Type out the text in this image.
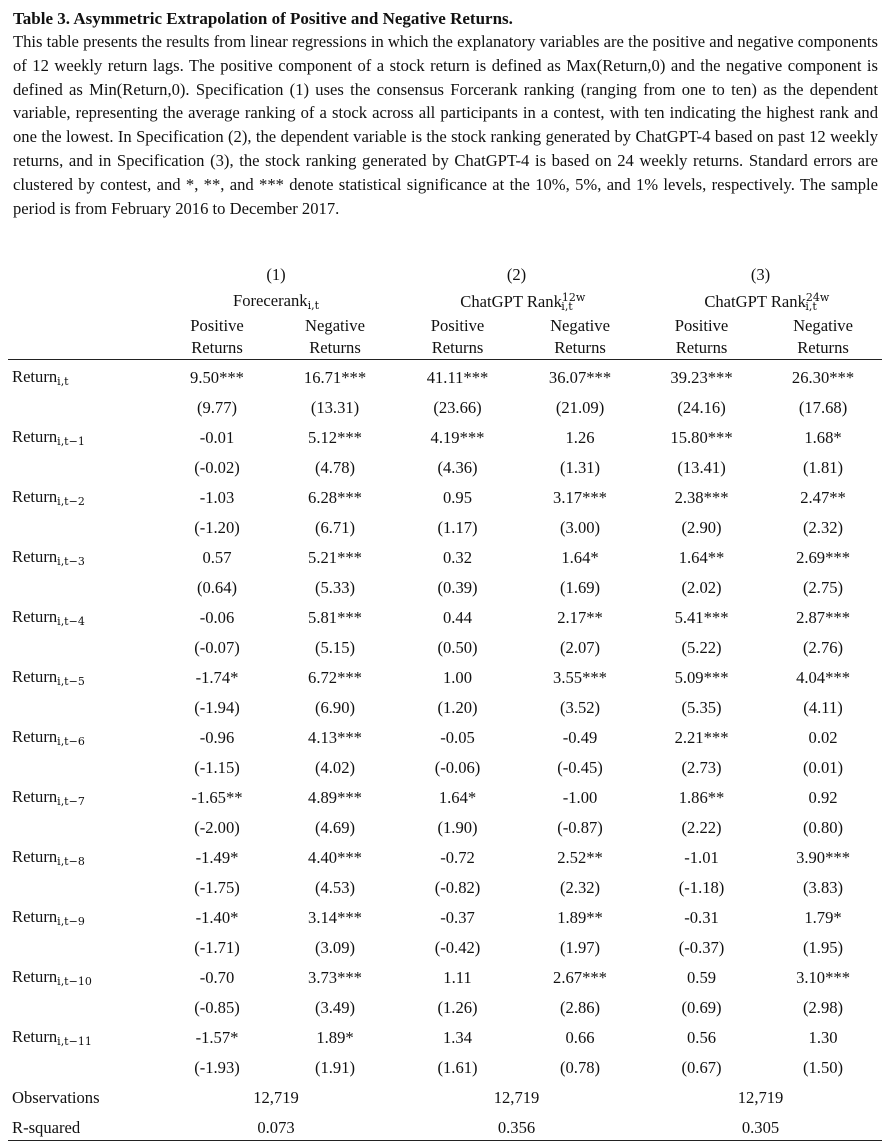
Table 3. Asymmetric Extrapolation of Positive and Negative Returns.
This table presents the results from linear regressions in which the explanatory variables are the positive and negative components of 12 weekly return lags. The positive component of a stock return is defined as Max(Return,0) and the negative component is defined as Min(Return,0). Specification (1) uses the consensus Forcerank ranking (ranging from one to ten) as the dependent variable, representing the average ranking of a stock across all participants in a contest, with ten indicating the highest rank and one the lowest. In Specification (2), the dependent variable is the stock ranking generated by ChatGPT-4 based on past 12 weekly returns, and in Specification (3), the stock ranking generated by ChatGPT-4 is based on 24 weekly returns. Standard errors are clustered by contest, and *, **, and *** denote statistical significance at the 10%, 5%, and 1% levels, respectively. The sample period is from February 2016 to December 2017.
	(1)		(2)		(3)	
	Forecerank$_{i,t}$		ChatGPT Rank$^{12w}_{i,t}$		ChatGPT Rank$^{24w}_{i,t}$
	Positive	Negative	Positive	Negative	Positive	Negative
	Returns	Returns	Returns	Returns	Returns	Returns
Return$_{i,t}$	9.50***	16.71***	41.11***	36.07***	39.23***	26.30***
	(9.77)	(13.31)	(23.66)	(21.09)	(24.16)	(17.68)
Return$_{i,t-1}$	-0.01	5.12***	4.19***	1.26	15.80***	1.68*
	(-0.02)	(4.78)	(4.36)	(1.31)	(13.41)	(1.81)
Return$_{i,t-2}$	-1.03	6.28***	0.95	3.17***	2.38***	2.47**
	(-1.20)	(6.71)	(1.17)	(3.00)	(2.90)	(2.32)
Return$_{i,t-3}$	0.57	5.21***	0.32	1.64*	1.64**	2.69***
	(0.64)	(5.33)	(0.39)	(1.69)	(2.02)	(2.75)
Return$_{i,t-4}$	-0.06	5.81***	0.44	2.17**	5.41***	2.87***
	(-0.07)	(5.15)	(0.50)	(2.07)	(5.22)	(2.76)
Return$_{i,t-5}$	-1.74*	6.72***	1.00	3.55***	5.09***	4.04***
	(-1.94)	(6.90)	(1.20)	(3.52)	(5.35)	(4.11)
Return$_{i,t-6}$	-0.96	4.13***	-0.05	-0.49	2.21***	0.02
	(-1.15)	(4.02)	(-0.06)	(-0.45)	(2.73)	(0.01)
Return$_{i,t-7}$	-1.65**	4.89***	1.64*	-1.00	1.86**	0.92
	(-2.00)	(4.69)	(1.90)	(-0.87)	(2.22)	(0.80)
Return$_{i,t-8}$	-1.49*	4.40***	-0.72	2.52**	-1.01	3.90***
	(-1.75)	(4.53)	(-0.82)	(2.32)	(-1.18)	(3.83)
Return$_{i,t-9}$	-1.40*	3.14***	-0.37	1.89**	-0.31	1.79*
	(-1.71)	(3.09)	(-0.42)	(1.97)	(-0.37)	(1.95)
Return$_{i,t-10}$	-0.70	3.73***	1.11	2.67***	0.59	3.10***
	(-0.85)	(3.49)	(1.26)	(2.86)	(0.69)	(2.98)
Return$_{i,t-11}$	-1.57*	1.89*	1.34	0.66	0.56	1.30
	(-1.93)	(1.91)	(1.61)	(0.78)	(0.67)	(1.50)
Observations	12,719		12,719		12,719	
R-squared	0.073		0.356		0.305	
